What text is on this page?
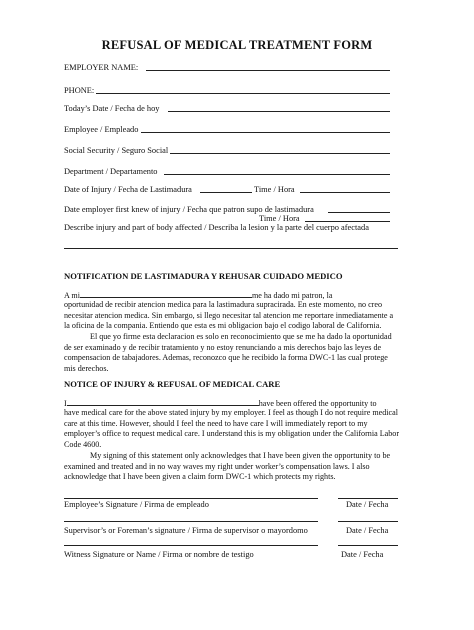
REFUSAL OF MEDICAL TREATMENT FORM
EMPLOYER NAME:
PHONE:
Today’s Date / Fecha de hoy
Employee / Empleado
Social Security / Seguro Social
Department / Departamento
Date of Injury / Fecha de Lastimadura	Time / Hora
Date employer first knew of injury / Fecha que patron supo de lastimadura
Time / Hora
Describe injury and part of body affected / Describa la lesion y la parte del cuerpo afectada
NOTIFICATION DE LASTIMADURA Y REHUSAR CUIDADO MEDICO
A mi	me ha dado mi patron, la
oportunidad de recibir atencion medica para la lastimadura supracirada. En este momento, no creo necesitar atencion medica. Sin embargo, si llego necesitar tal atencion me reportare inmediatamente a la oficina de la compania. Entiendo que esta es mi obligacion bajo el codigo laboral de California.
El que yo firme esta declaracion es solo en reconocimiento que se me ha dado la oportunidad de ser examinado y de recibir tratamiento y no estoy renunciando a mis derechos bajo las leyes de compensacion de tabajadores. Ademas, reconozco que he recibido la forma DWC-1 las cual protege mis derechos.
NOTICE OF INJURY & REFUSAL OF MEDICAL CARE
I	have been offered the opportunity to
have medical care for the above stated injury by my employer. I feel as though I do not require medical care at this time. However, should I feel the need to have care I will immediately report to my employer’s office to request medical care. I understand this is my obligation under the California Labor Code 4600.
My signing of this statement only acknowledges that I have been given the opportunity to be examined and treated and in no way waves my right under worker’s compensation laws. I also acknowledge that I have been given a claim form DWC-1 which protects my rights.
Employee’s Signature / Firma de empleado	Date / Fecha
Supervisor’s or Foreman’s signature / Firma de supervisor o mayordomo	Date / Fecha
Witness Signature or Name / Firma or nombre de testigo	Date / Fecha
